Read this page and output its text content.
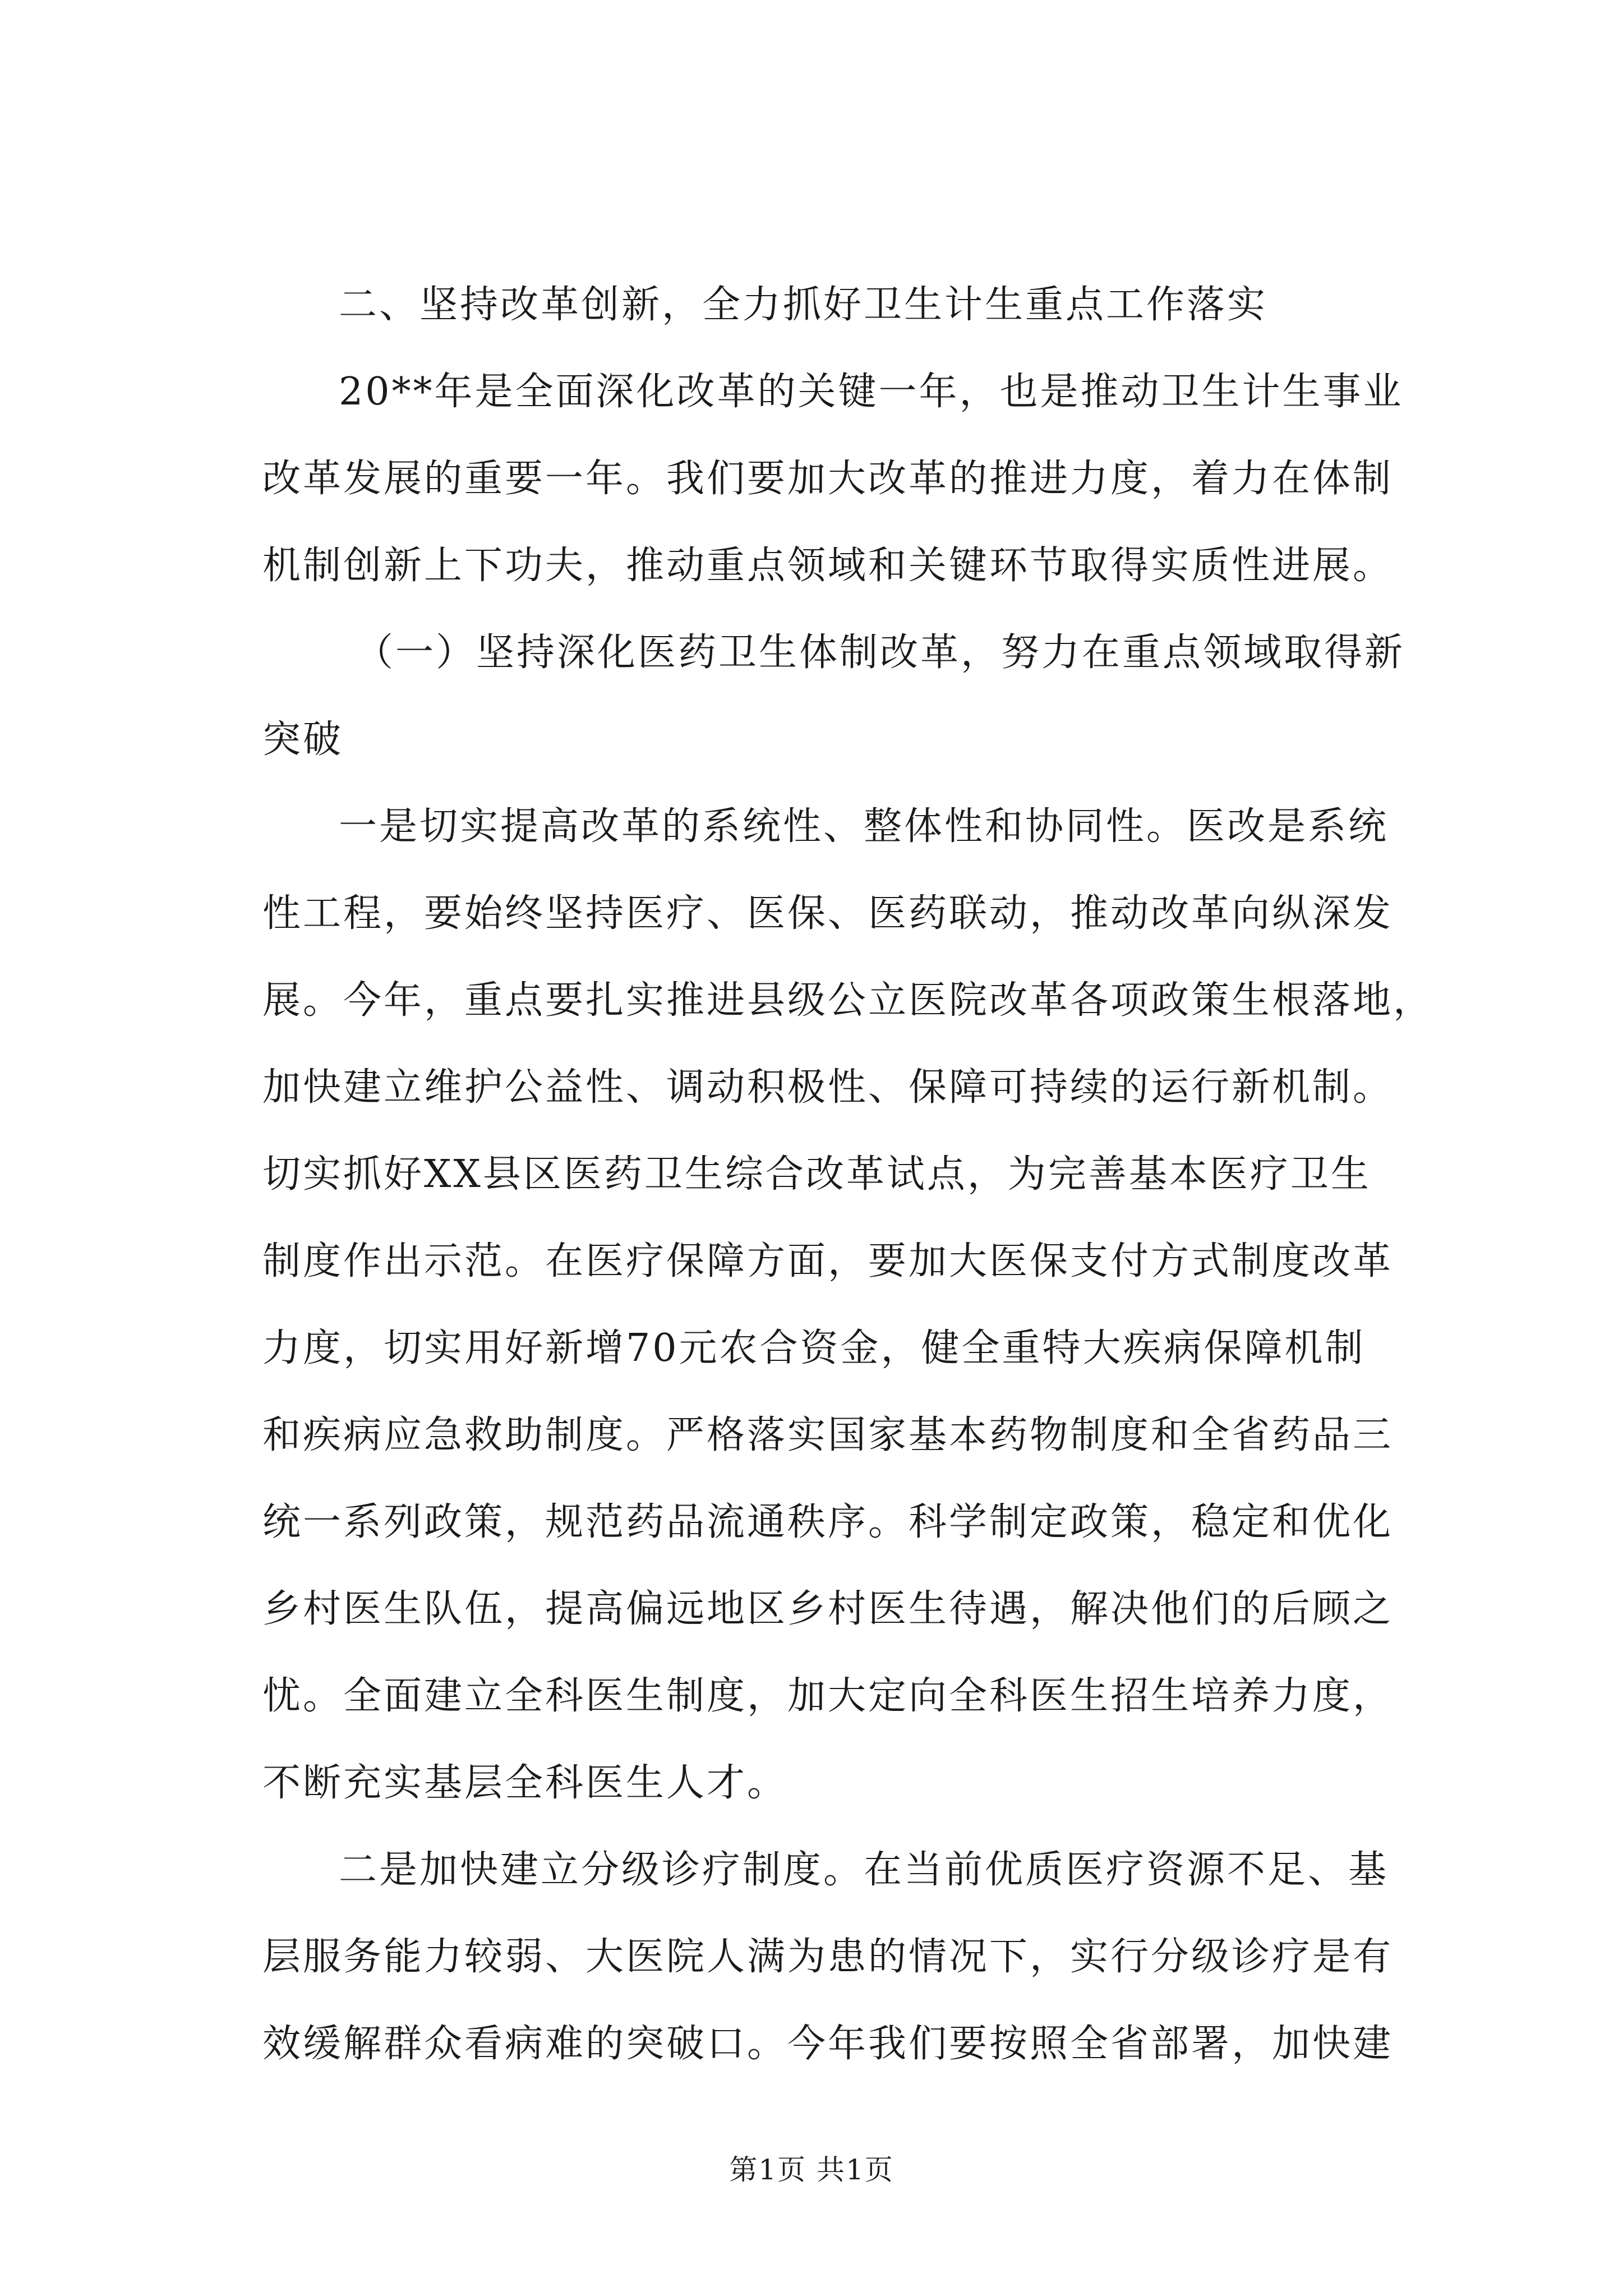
二、坚持改革创新，全力抓好卫生计生重点工作落实
20**年是全面深化改革的关键一年，也是推动卫生计生事业
改革发展的重要一年。我们要加大改革的推进力度，着力在体制
机制创新上下功夫，推动重点领域和关键环节取得实质性进展。
（一）坚持深化医药卫生体制改革，努力在重点领域取得新
突破
一是切实提高改革的系统性、整体性和协同性。医改是系统
性工程，要始终坚持医疗、医保、医药联动，推动改革向纵深发
展。今年，重点要扎实推进县级公立医院改革各项政策生根落地，
加快建立维护公益性、调动积极性、保障可持续的运行新机制。
切实抓好XX县区医药卫生综合改革试点，为完善基本医疗卫生
制度作出示范。在医疗保障方面，要加大医保支付方式制度改革
力度，切实用好新增70元农合资金，健全重特大疾病保障机制
和疾病应急救助制度。严格落实国家基本药物制度和全省药品三
统一系列政策，规范药品流通秩序。科学制定政策，稳定和优化
乡村医生队伍，提高偏远地区乡村医生待遇，解决他们的后顾之
忧。全面建立全科医生制度，加大定向全科医生招生培养力度，
不断充实基层全科医生人才。
二是加快建立分级诊疗制度。在当前优质医疗资源不足、基
层服务能力较弱、大医院人满为患的情况下，实行分级诊疗是有
效缓解群众看病难的突破口。今年我们要按照全省部署，加快建
第1页 共1页
